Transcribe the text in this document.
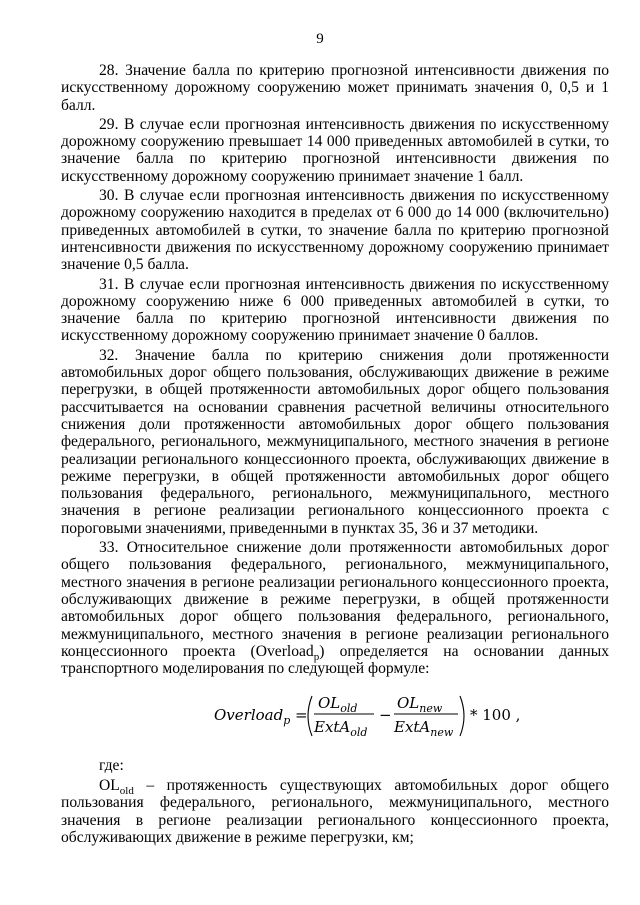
9

28. Значение балла по критерию прогнозной интенсивности движения по искусственному дорожному сооружению может принимать значения 0, 0,5 и 1 балл.

29. В случае если прогнозная интенсивность движения по искусственному дорожному сооружению превышает 14 000 приведенных автомобилей в сутки, то значение балла по критерию прогнозной интенсивности движения по искусственному дорожному сооружению принимает значение 1 балл.

30. В случае если прогнозная интенсивность движения по искусственному дорожному сооружению находится в пределах от 6 000 до 14 000 (включительно) приведенных автомобилей в сутки, то значение балла по критерию прогнозной интенсивности движения по искусственному дорожному сооружению принимает значение 0,5 балла.

31. В случае если прогнозная интенсивность движения по искусственному дорожному сооружению ниже 6 000 приведенных автомобилей в сутки, то значение балла по критерию прогнозной интенсивности движения по искусственному дорожному сооружению принимает значение 0 баллов.

32. Значение балла по критерию снижения доли протяженности автомобильных дорог общего пользования, обслуживающих движение в режиме перегрузки, в общей протяженности автомобильных дорог общего пользования рассчитывается на основании сравнения расчетной величины относительного снижения доли протяженности автомобильных дорог общего пользования федерального, регионального, межмуниципального, местного значения в регионе реализации регионального концессионного проекта, обслуживающих движение в режиме перегрузки, в общей протяженности автомобильных дорог общего пользования федерального, регионального, межмуниципального, местного значения в регионе реализации регионального концессионного проекта с пороговыми значениями, приведенными в пунктах 35, 36 и 37 методики.

33. Относительное снижение доли протяженности автомобильных дорог общего пользования федерального, регионального, межмуниципального, местного значения в регионе реализации регионального концессионного проекта, обслуживающих движение в режиме перегрузки, в общей протяженности автомобильных дорог общего пользования федерального, регионального, межмуниципального, местного значения в регионе реализации регионального концессионного проекта (Overload$_p$) определяется на основании данных транспортного моделирования по следующей формуле:

Overload$_p$ =
$OL_{old}$
ExtA$_{old}$
−
$OL_{new}$
ExtA$_{new}$
* 100 ,
где:

$OL_{old}$ – протяженность существующих автомобильных дорог общего пользования федерального, регионального, межмуниципального, местного значения в регионе реализации регионального концессионного проекта, обслуживающих движение в режиме перегрузки, км;
